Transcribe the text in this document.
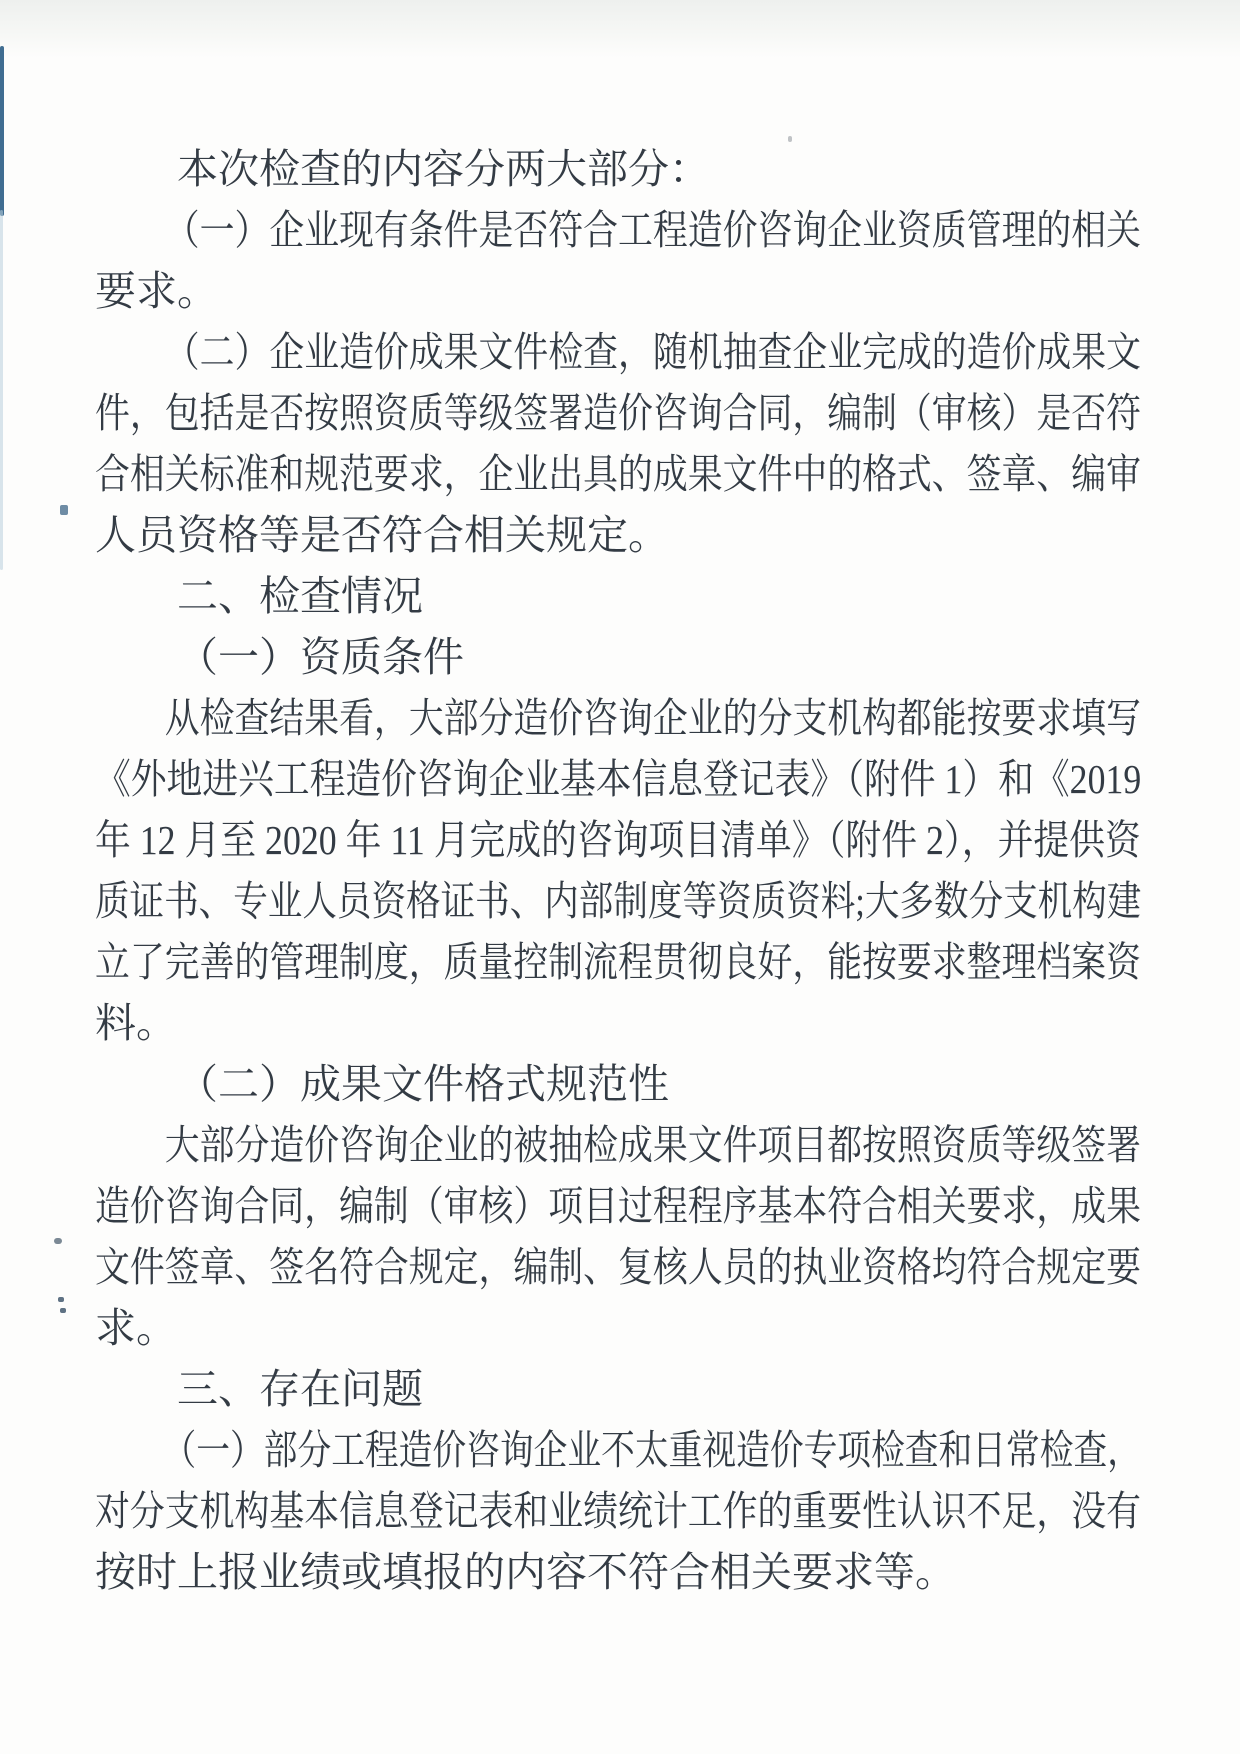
本次检查的内容分两大部分：
（一）企业现有条件是否符合工程造价咨询企业资质管理的相关
要求。
（二）企业造价成果文件检查，随机抽查企业完成的造价成果文
件，包括是否按照资质等级签署造价咨询合同，编制（审核）是否符
合相关标准和规范要求，企业出具的成果文件中的格式、签章、编审
人员资格等是否符合相关规定。
二、检查情况
（一）资质条件
从检查结果看，大部分造价咨询企业的分支机构都能按要求填写
《外地进兴工程造价咨询企业基本信息登记表》（附件 1）和《2019
年 12 月至 2020 年 11 月完成的咨询项目清单》（附件 2），并提供资
质证书、专业人员资格证书、内部制度等资质资料;大多数分支机构建
立了完善的管理制度，质量控制流程贯彻良好，能按要求整理档案资
料。
（二）成果文件格式规范性
大部分造价咨询企业的被抽检成果文件项目都按照资质等级签署
造价咨询合同，编制（审核）项目过程程序基本符合相关要求，成果
文件签章、签名符合规定，编制、复核人员的执业资格均符合规定要
求。
三、存在问题
（一）部分工程造价咨询企业不太重视造价专项检查和日常检查，
对分支机构基本信息登记表和业绩统计工作的重要性认识不足，没有
按时上报业绩或填报的内容不符合相关要求等。
